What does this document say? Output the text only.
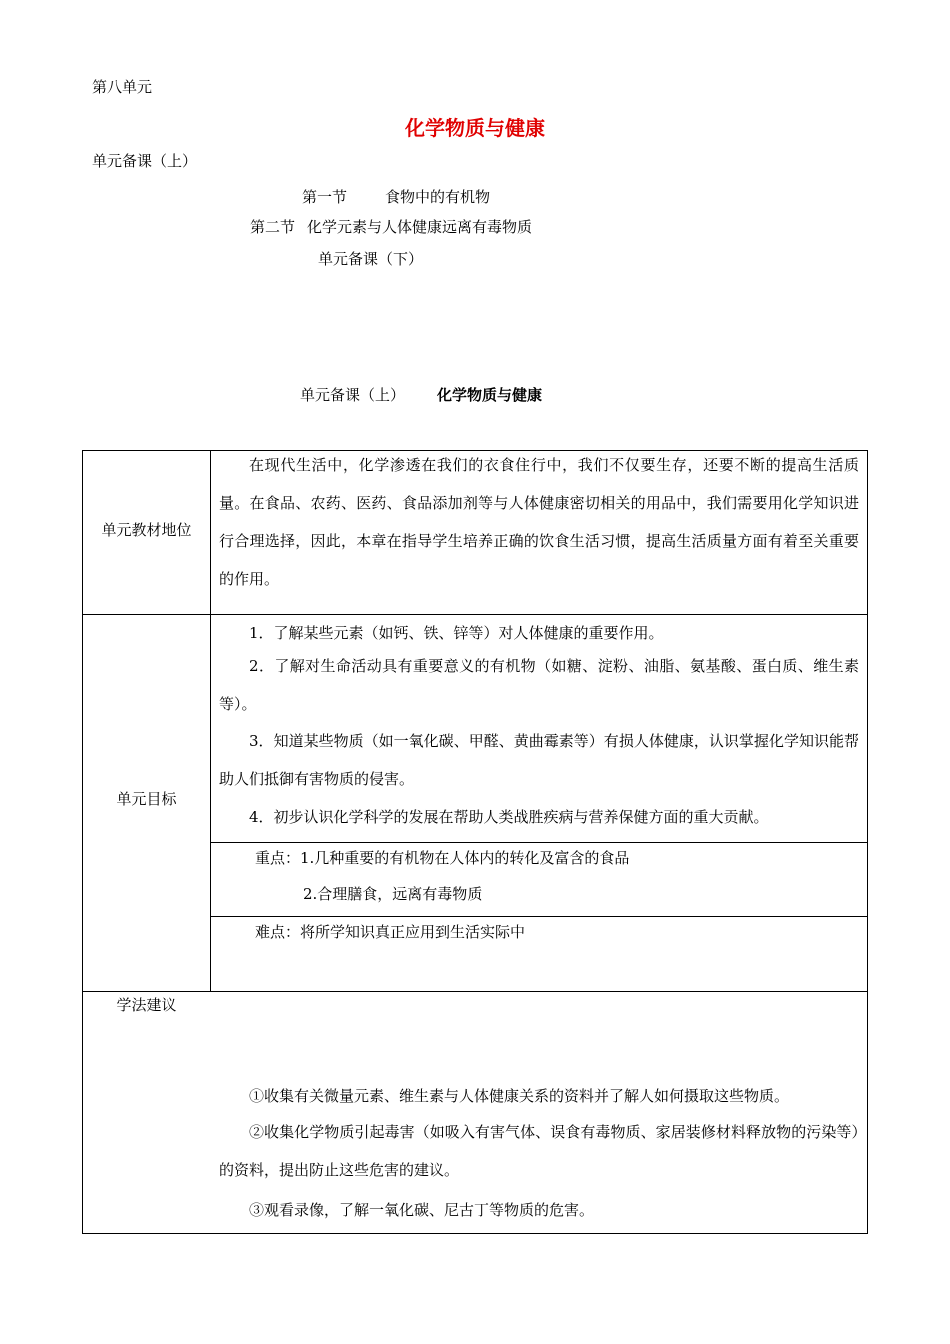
第八单元
化学物质与健康
单元备课（上）
第一节	食物中的有机物
第二节 化学元素与人体健康远离有毒物质
单元备课（下）
单元备课（上） 化学物质与健康
单元教材地位
在现代生活中，化学渗透在我们的衣食住行中，我们不仅要生存，还要不断的提高生活质量。在食品、农药、医药、食品添加剂等与人体健康密切相关的用品中，我们需要用化学知识进行合理选择，因此，本章在指导学生培养正确的饮食生活习惯，提高生活质量方面有着至关重要的作用。
单元目标
1．了解某些元素（如钙、铁、锌等）对人体健康的重要作用。
2．了解对生命活动具有重要意义的有机物（如糖、淀粉、油脂、氨基酸、蛋白质、维生素等）。
3．知道某些物质（如一氧化碳、甲醛、黄曲霉素等）有损人体健康，认识掌握化学知识能帮助人们抵御有害物质的侵害。
4．初步认识化学科学的发展在帮助人类战胜疾病与营养保健方面的重大贡献。
重点：1.几种重要的有机物在人体内的转化及富含的食品
2.合理膳食，远离有毒物质
难点：将所学知识真正应用到生活实际中
学法建议
①收集有关微量元素、维生素与人体健康关系的资料并了解人如何摄取这些物质。
②收集化学物质引起毒害（如吸入有害气体、误食有毒物质、家居装修材料释放物的污染等）的资料，提出防止这些危害的建议。
③观看录像，了解一氧化碳、尼古丁等物质的危害。
